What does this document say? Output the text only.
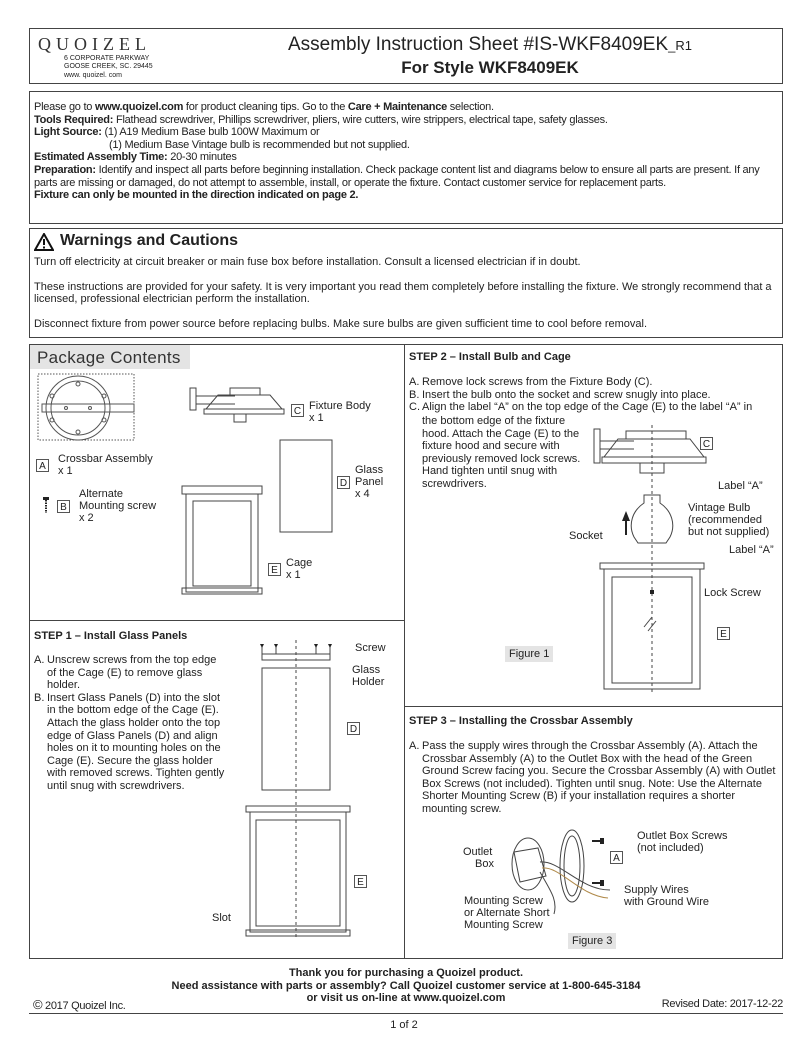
QUOIZEL
6 CORPORATE PARKWAY
GOOSE CREEK, SC. 29445
www. quoizel. com
Assembly Instruction Sheet #IS-WKF8409EK_R1
For Style WKF8409EK
Please go to www.quoizel.com for product cleaning tips. Go to the Care + Maintenance selection.
Tools Required: Flathead screwdriver, Phillips screwdriver, pliers, wire cutters, wire strippers, electrical tape, safety glasses.
Light Source: (1) A19 Medium Base bulb 100W Maximum or
(1) Medium Base Vintage bulb is recommended but not supplied.
Estimated Assembly Time: 20-30 minutes
Preparation: Identify and inspect all parts before beginning installation. Check package content list and diagrams below to ensure all parts are present. If any parts are missing or damaged, do not attempt to assemble, install, or operate the fixture. Contact customer service for replacement parts.
Fixture can only be mounted in the direction indicated on page 2.
Warnings and Cautions
Turn off electricity at circuit breaker or main fuse box before installation. Consult a licensed electrician if in doubt.
These instructions are provided for your safety. It is very important you read them completely before installing the fixture. We strongly recommend that a licensed, professional electrician perform the installation.
Disconnect fixture from power source before replacing bulbs. Make sure bulbs are given sufficient time to cool before removal.
Package Contents
A
Crossbar Assembly
x 1
B
Alternate
Mounting screw
x 2
C Fixture Body
x 1
D
Glass
Panel
x 4
E
Cage
x 1
STEP 1 – Install Glass Panels
A. Unscrew screws from the top edge of the Cage (E) to remove glass holder.
B. Insert Glass Panels (D) into the slot in the bottom edge of the Cage (E). Attach the glass holder onto the top edge of Glass Panels (D) and align holes on it to mounting holes on the Cage (E). Secure the glass holder with removed screws. Tighten gently until snug with screwdrivers.
Screw
Glass
Holder
D
E
Slot
STEP 2 – Install Bulb and Cage
A. Remove lock screws from the Fixture Body (C).
B. Insert the bulb onto the socket and screw snugly into place.
C. Align the label “A” on the top edge of the Cage (E) to the label “A” in
the bottom edge of the fixture hood. Attach the Cage (E) to the fixture hood and secure with previously removed lock screws. Hand tighten until snug with screwdrivers.
C
Label “A”
Vintage Bulb
(recommended
but not supplied)
Socket
Label “A”
Lock Screw
E
Figure 1
STEP 3 – Installing the Crossbar Assembly
A. Pass the supply wires through the Crossbar Assembly (A). Attach the Crossbar Assembly (A) to the Outlet Box with the head of the Green Ground Screw facing you. Secure the Crossbar Assembly (A) with Outlet Box Screws (not included). Tighten until snug. Note: Use the Alternate Shorter Mounting Screw (B) if your installation requires a shorter mounting screw.
Outlet
Box
Outlet Box Screws
(not included)
A
Supply Wires
with Ground Wire
Mounting Screw
or Alternate Short
Mounting Screw
Figure 3
Thank you for purchasing a Quoizel product.
Need assistance with parts or assembly? Call Quoizel customer service at 1-800-645-3184
or visit us on-line at www.quoizel.com
© 2017 Quoizel Inc.	Revised Date: 2017-12-22
1 of 2
